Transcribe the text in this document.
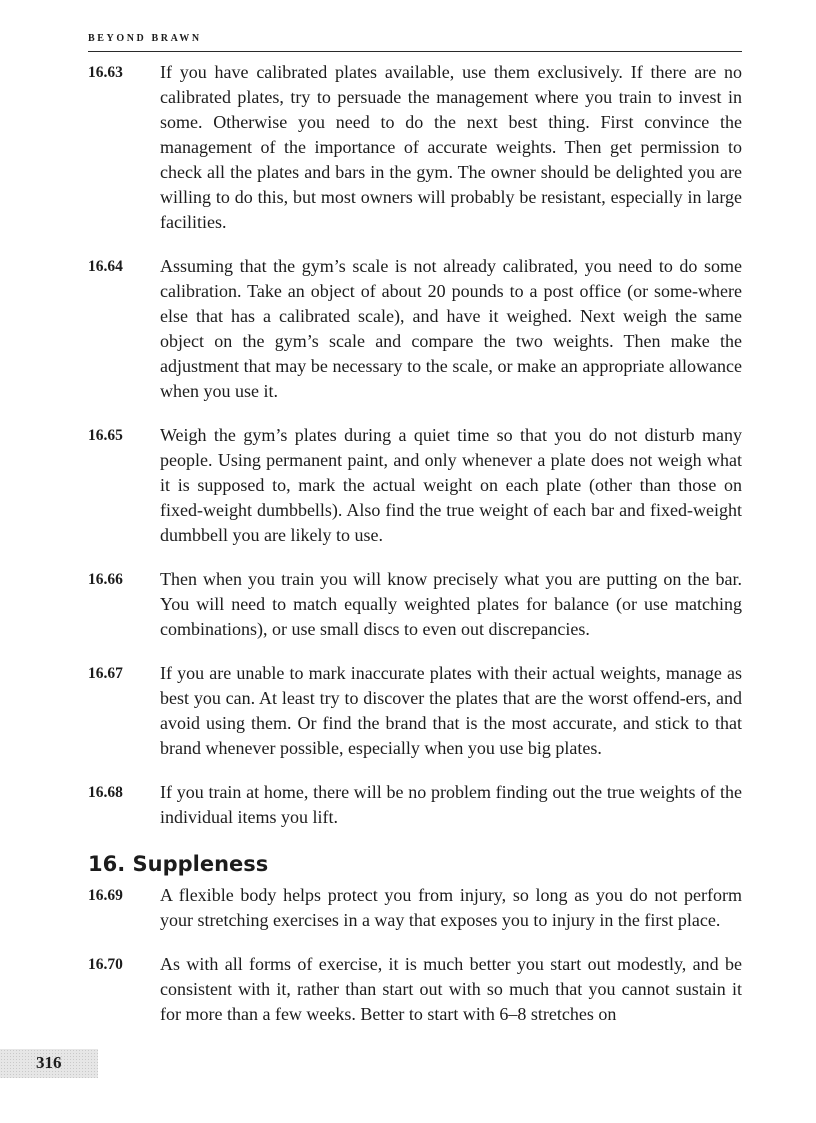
BEYOND BRAWN
16.63	If you have calibrated plates available, use them exclusively. If there are no calibrated plates, try to persuade the management where you train to invest in some. Otherwise you need to do the next best thing. First convince the management of the importance of accurate weights. Then get permission to check all the plates and bars in the gym. The owner should be delighted you are willing to do this, but most owners will probably be resistant, especially in large facilities.
16.64	Assuming that the gym’s scale is not already calibrated, you need to do some calibration. Take an object of about 20 pounds to a post office (or some-where else that has a calibrated scale), and have it weighed. Next weigh the same object on the gym’s scale and compare the two weights. Then make the adjustment that may be necessary to the scale, or make an appropriate allowance when you use it.
16.65	Weigh the gym’s plates during a quiet time so that you do not disturb many people. Using permanent paint, and only whenever a plate does not weigh what it is supposed to, mark the actual weight on each plate (other than those on fixed-weight dumbbells). Also find the true weight of each bar and fixed-weight dumbbell you are likely to use.
16.66	Then when you train you will know precisely what you are putting on the bar. You will need to match equally weighted plates for balance (or use matching combinations), or use small discs to even out discrepancies.
16.67	If you are unable to mark inaccurate plates with their actual weights, manage as best you can. At least try to discover the plates that are the worst offend-ers, and avoid using them. Or find the brand that is the most accurate, and stick to that brand whenever possible, especially when you use big plates.
16.68	If you train at home, there will be no problem finding out the true weights of the individual items you lift.
16. Suppleness
16.69	A flexible body helps protect you from injury, so long as you do not perform your stretching exercises in a way that exposes you to injury in the first place.
16.70	As with all forms of exercise, it is much better you start out modestly, and be consistent with it, rather than start out with so much that you cannot sustain it for more than a few weeks. Better to start with 6–8 stretches on
316
